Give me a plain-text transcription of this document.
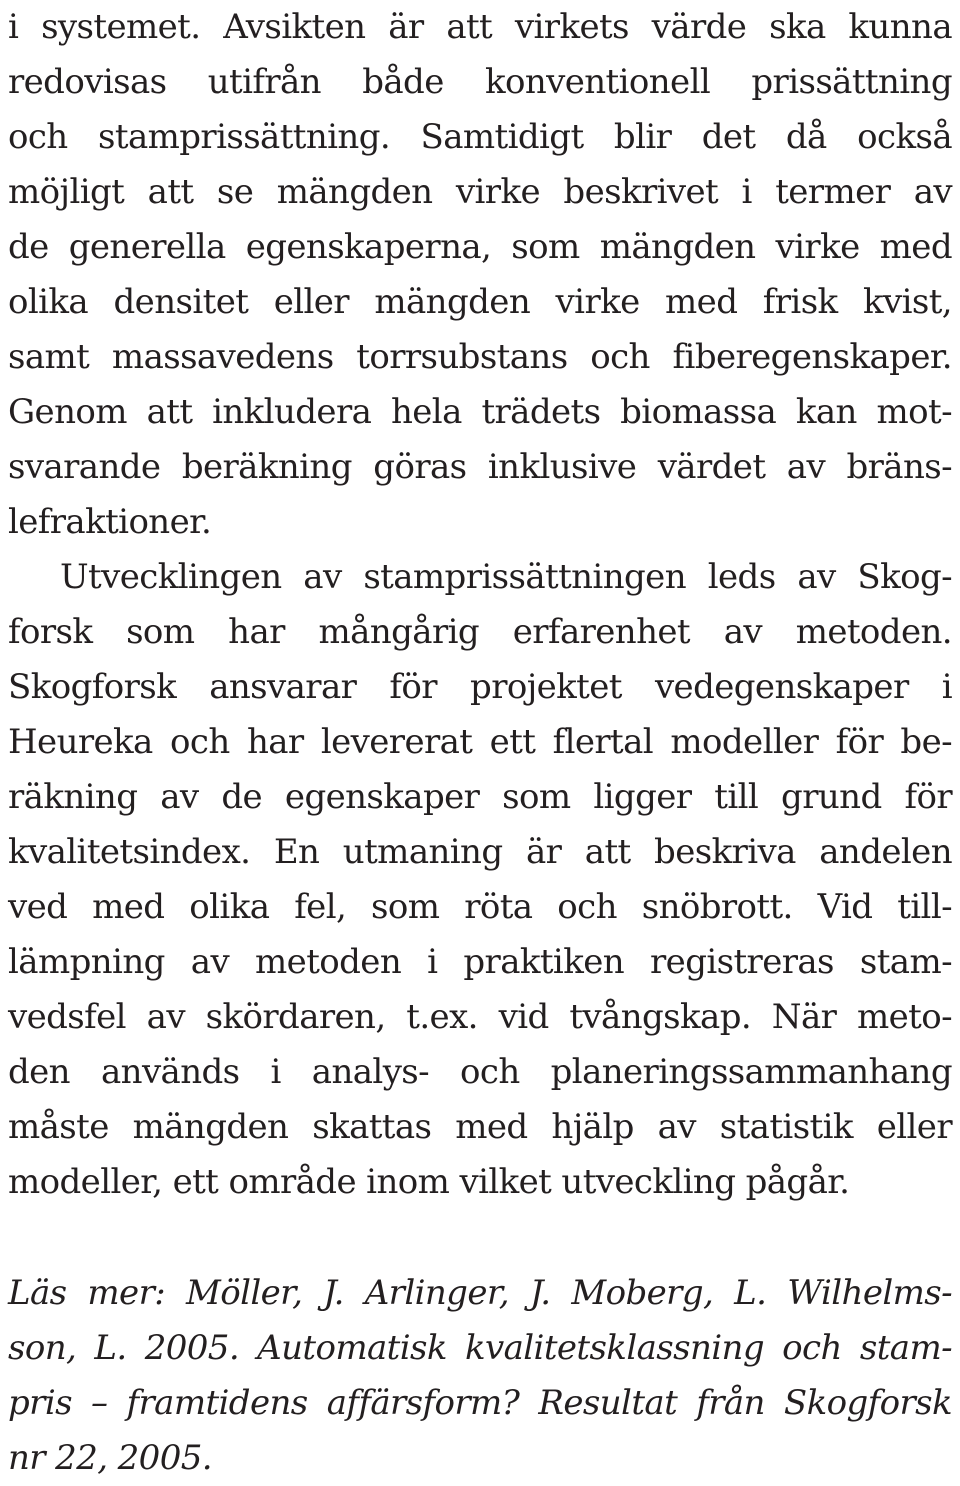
i systemet. Avsikten är att virkets värde ska kunna
redovisas utifrån både konventionell prissättning
och stamprissättning. Samtidigt blir det då också
möjligt att se mängden virke beskrivet i termer av
de generella egenskaperna, som mängden virke med
olika densitet eller mängden virke med frisk kvist,
samt massavedens torrsubstans och fiberegenskaper.
Genom att inkludera hela trädets biomassa kan mot-
svarande beräkning göras inklusive värdet av bräns-
lefraktioner.
Utvecklingen av stamprissättningen leds av Skog-
forsk som har mångårig erfarenhet av metoden.
Skogforsk ansvarar för projektet vedegenskaper i
Heureka och har levererat ett flertal modeller för be-
räkning av de egenskaper som ligger till grund för
kvalitetsindex. En utmaning är att beskriva andelen
ved med olika fel, som röta och snöbrott. Vid till-
lämpning av metoden i praktiken registreras stam-
vedsfel av skördaren, t.ex. vid tvångskap. När meto-
den används i analys- och planeringssammanhang
måste mängden skattas med hjälp av statistik eller
modeller, ett område inom vilket utveckling pågår.
Läs mer: Möller, J. Arlinger, J. Moberg, L. Wilhelms-
son, L. 2005. Automatisk kvalitetsklassning och stam-
pris – framtidens affärsform? Resultat från Skogforsk
nr 22, 2005.
